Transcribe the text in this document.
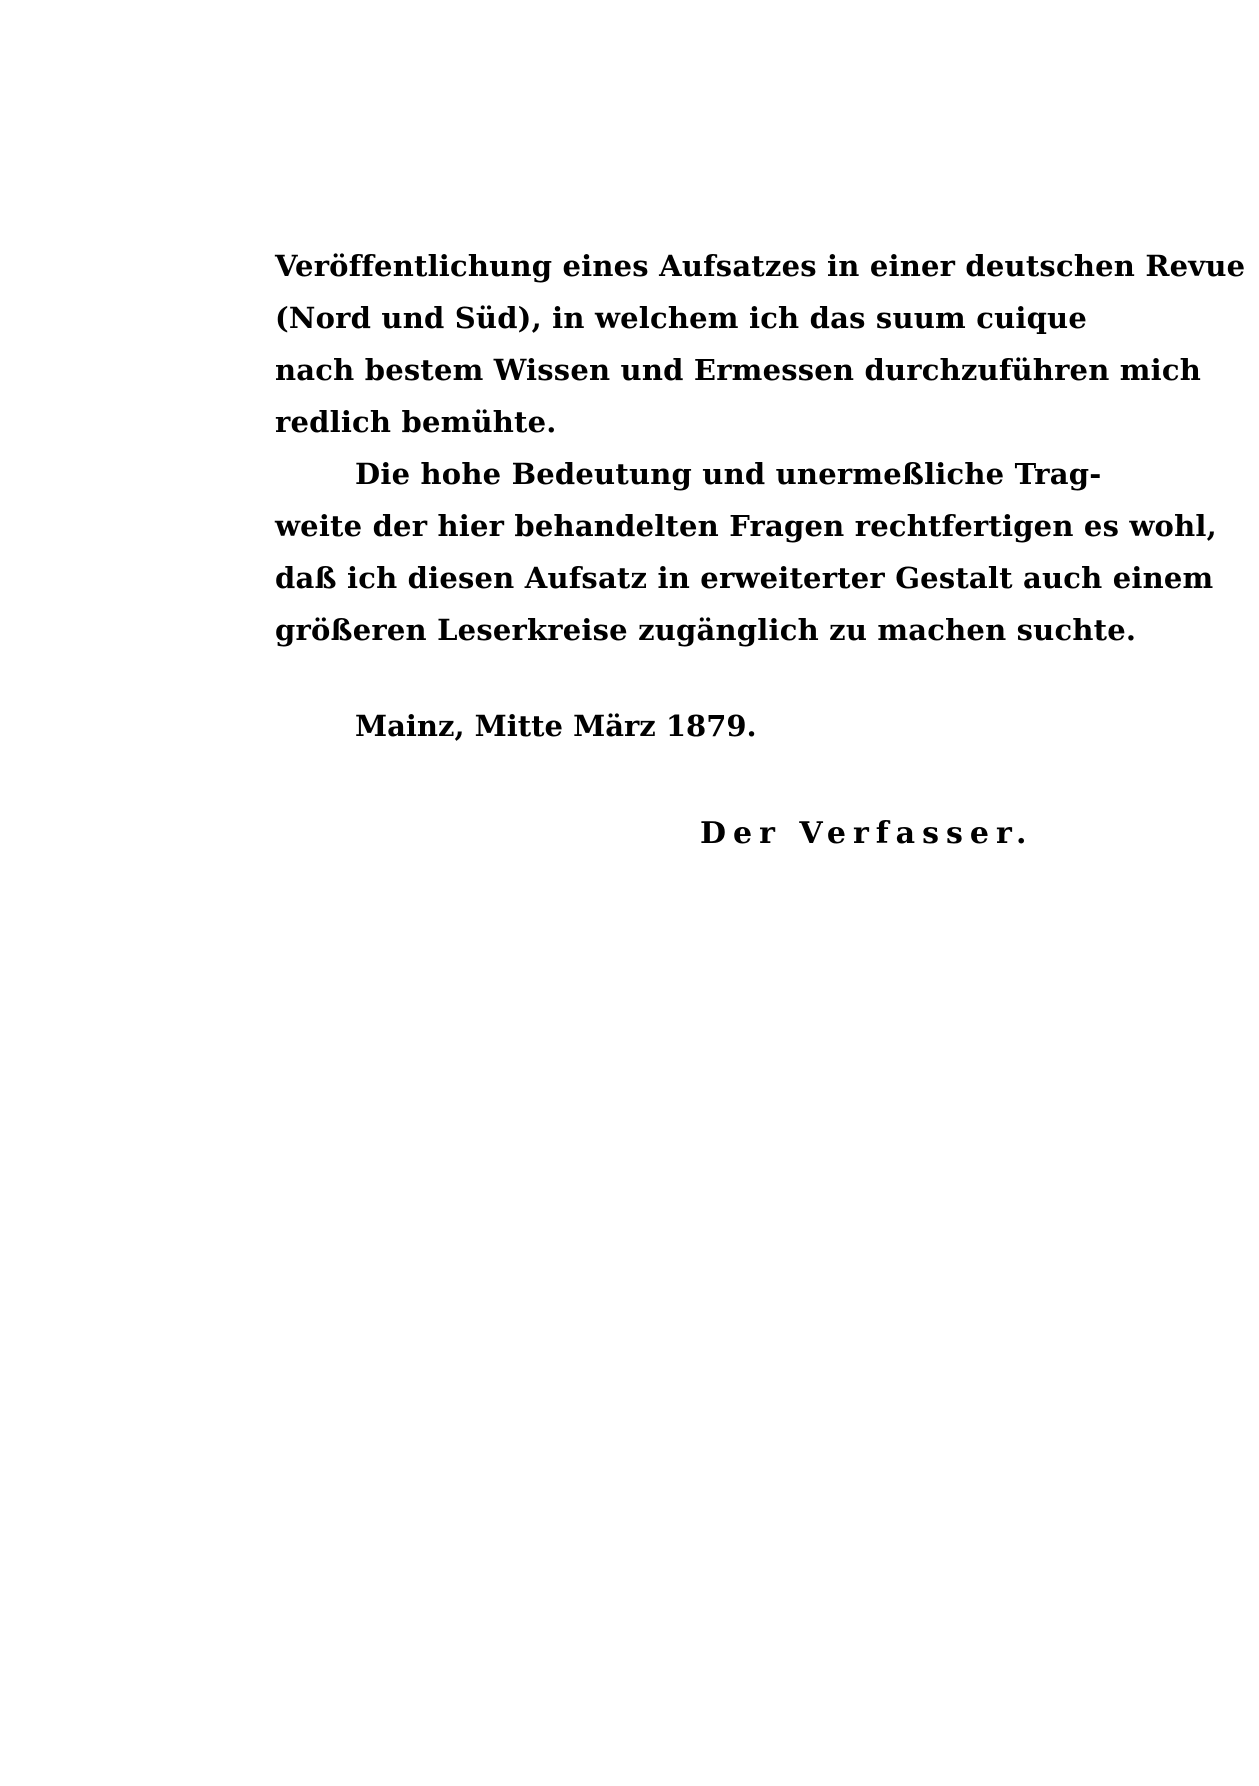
Veröffentlichung eines Aufsatzes in einer deutschen Revue
(Nord und Süd), in welchem ich das suum cuique
nach bestem Wissen und Ermessen durchzuführen mich
redlich bemühte.
Die hohe Bedeutung und unermeßliche Trag-
weite der hier behandelten Fragen rechtfertigen es wohl,
daß ich diesen Aufsatz in erweiterter Gestalt auch einem
größeren Leserkreise zugänglich zu machen suchte.
Mainz, Mitte März 1879.
Der Verfasser.
